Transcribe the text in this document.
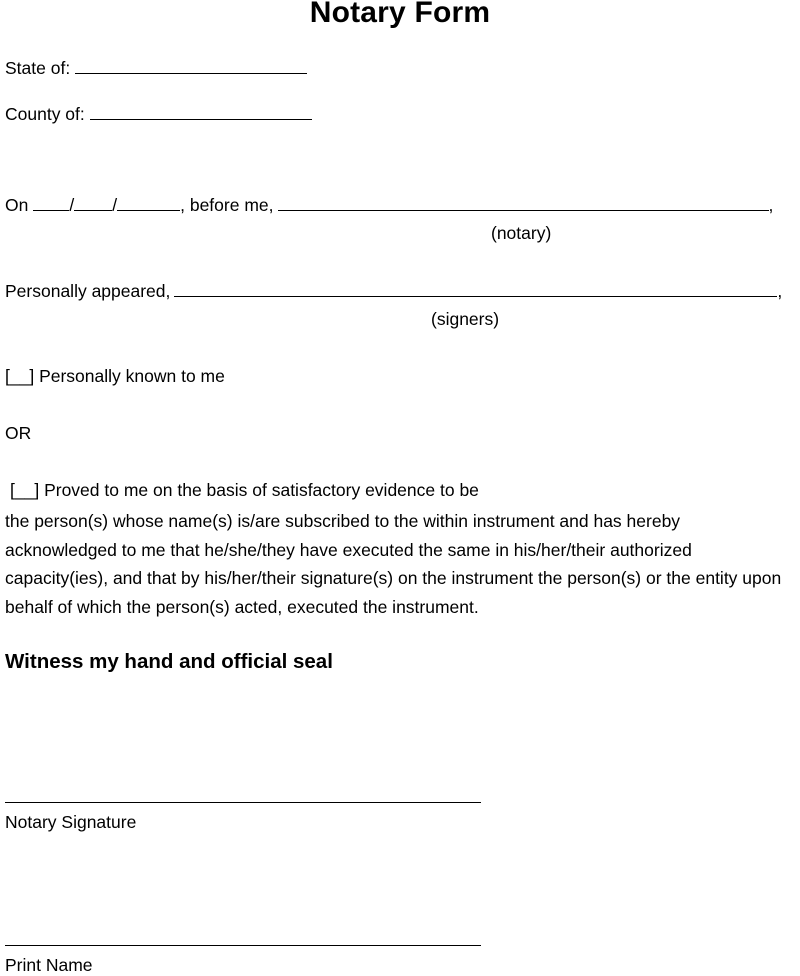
Notary Form
State of:
County of:
On / /	, before me,	,
(notary)
Personally appeared,	,
(signers)
[__] Personally known to me
OR
[__] Proved to me on the basis of satisfactory evidence to be
the person(s) whose name(s) is/are subscribed to the within instrument and has hereby acknowledged to me that he/she/they have executed the same in his/her/their authorized capacity(ies), and that by his/her/their signature(s) on the instrument the person(s) or the entity upon behalf of which the person(s) acted, executed the instrument.
Witness my hand and official seal
Notary Signature
Print Name
